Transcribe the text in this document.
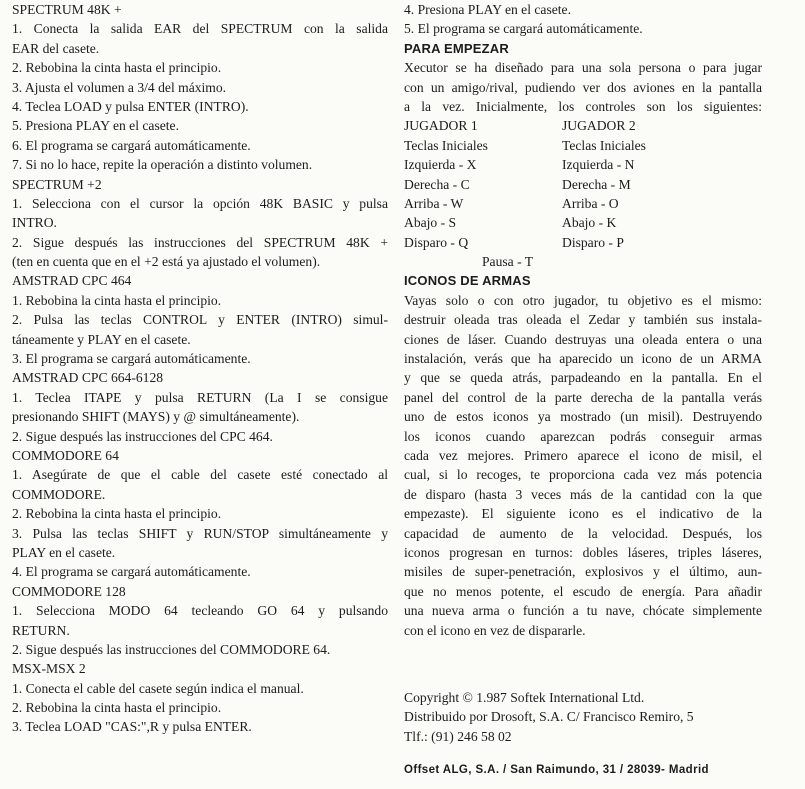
SPECTRUM 48K +
1. Conecta la salida EAR del SPECTRUM con la salida
EAR del casete.
2. Rebobina la cinta hasta el principio.
3. Ajusta el volumen a 3/4 del máximo.
4. Teclea LOAD y pulsa ENTER (INTRO).
5. Presiona PLAY en el casete.
6. El programa se cargará automáticamente.
7. Si no lo hace, repite la operación a distinto volumen.
SPECTRUM +2
1. Selecciona con el cursor la opción 48K BASIC y pulsa
INTRO.
2. Sigue después las instrucciones del SPECTRUM 48K +
(ten en cuenta que en el +2 está ya ajustado el volumen).
AMSTRAD CPC 464
1. Rebobina la cinta hasta el principio.
2. Pulsa las teclas CONTROL y ENTER (INTRO) simul-
táneamente y PLAY en el casete.
3. El programa se cargará automáticamente.
AMSTRAD CPC 664-6128
1. Teclea ITAPE y pulsa RETURN (La I se consigue
presionando SHIFT (MAYS) y @ simultáneamente).
2. Sigue después las instrucciones del CPC 464.
COMMODORE 64
1. Asegúrate de que el cable del casete esté conectado al
COMMODORE.
2. Rebobina la cinta hasta el principio.
3. Pulsa las teclas SHIFT y RUN/STOP simultáneamente y
PLAY en el casete.
4. El programa se cargará automáticamente.
COMMODORE 128
1. Selecciona MODO 64 tecleando GO 64 y pulsando
RETURN.
2. Sigue después las instrucciones del COMMODORE 64.
MSX-MSX 2
1. Conecta el cable del casete según indica el manual.
2. Rebobina la cinta hasta el principio.
3. Teclea LOAD "CAS:",R y pulsa ENTER.
4. Presiona PLAY en el casete.
5. El programa se cargará automáticamente.
PARA EMPEZAR
Xecutor se ha diseñado para una sola persona o para jugar
con un amigo/rival, pudiendo ver dos aviones en la pantalla
a la vez. Inicialmente, los controles son los siguientes:
JUGADOR 1	JUGADOR 2
Teclas Iniciales	Teclas Iniciales
Izquierda - X	Izquierda - N
Derecha - C	Derecha - M
Arriba - W	Arriba - O
Abajo - S	Abajo - K
Disparo - Q	Disparo - P
Pausa - T
ICONOS DE ARMAS
Vayas solo o con otro jugador, tu objetivo es el mismo:
destruir oleada tras oleada el Zedar y también sus instala-
ciones de láser. Cuando destruyas una oleada entera o una
instalación, verás que ha aparecido un icono de un ARMA
y que se queda atrás, parpadeando en la pantalla. En el
panel del control de la parte derecha de la pantalla verás
uno de estos iconos ya mostrado (un misil). Destruyendo
los iconos cuando aparezcan podrás conseguir armas
cada vez mejores. Primero aparece el icono de misil, el
cual, si lo recoges, te proporciona cada vez más potencia
de disparo (hasta 3 veces más de la cantidad con la que
empezaste). El siguiente icono es el indicativo de la
capacidad de aumento de la velocidad. Después, los
iconos progresan en turnos: dobles láseres, triples láseres,
misiles de super-penetración, explosivos y el último, aun-
que no menos potente, el escudo de energía. Para añadir
una nueva arma o función a tu nave, chócate simplemente
con el icono en vez de dispararle.
Copyright © 1.987 Softek International Ltd.
Distribuido por Drosoft, S.A. C/ Francisco Remiro, 5
Tlf.: (91) 246 58 02
Offset ALG, S.A. / San Raimundo, 31 / 28039- Madrid
